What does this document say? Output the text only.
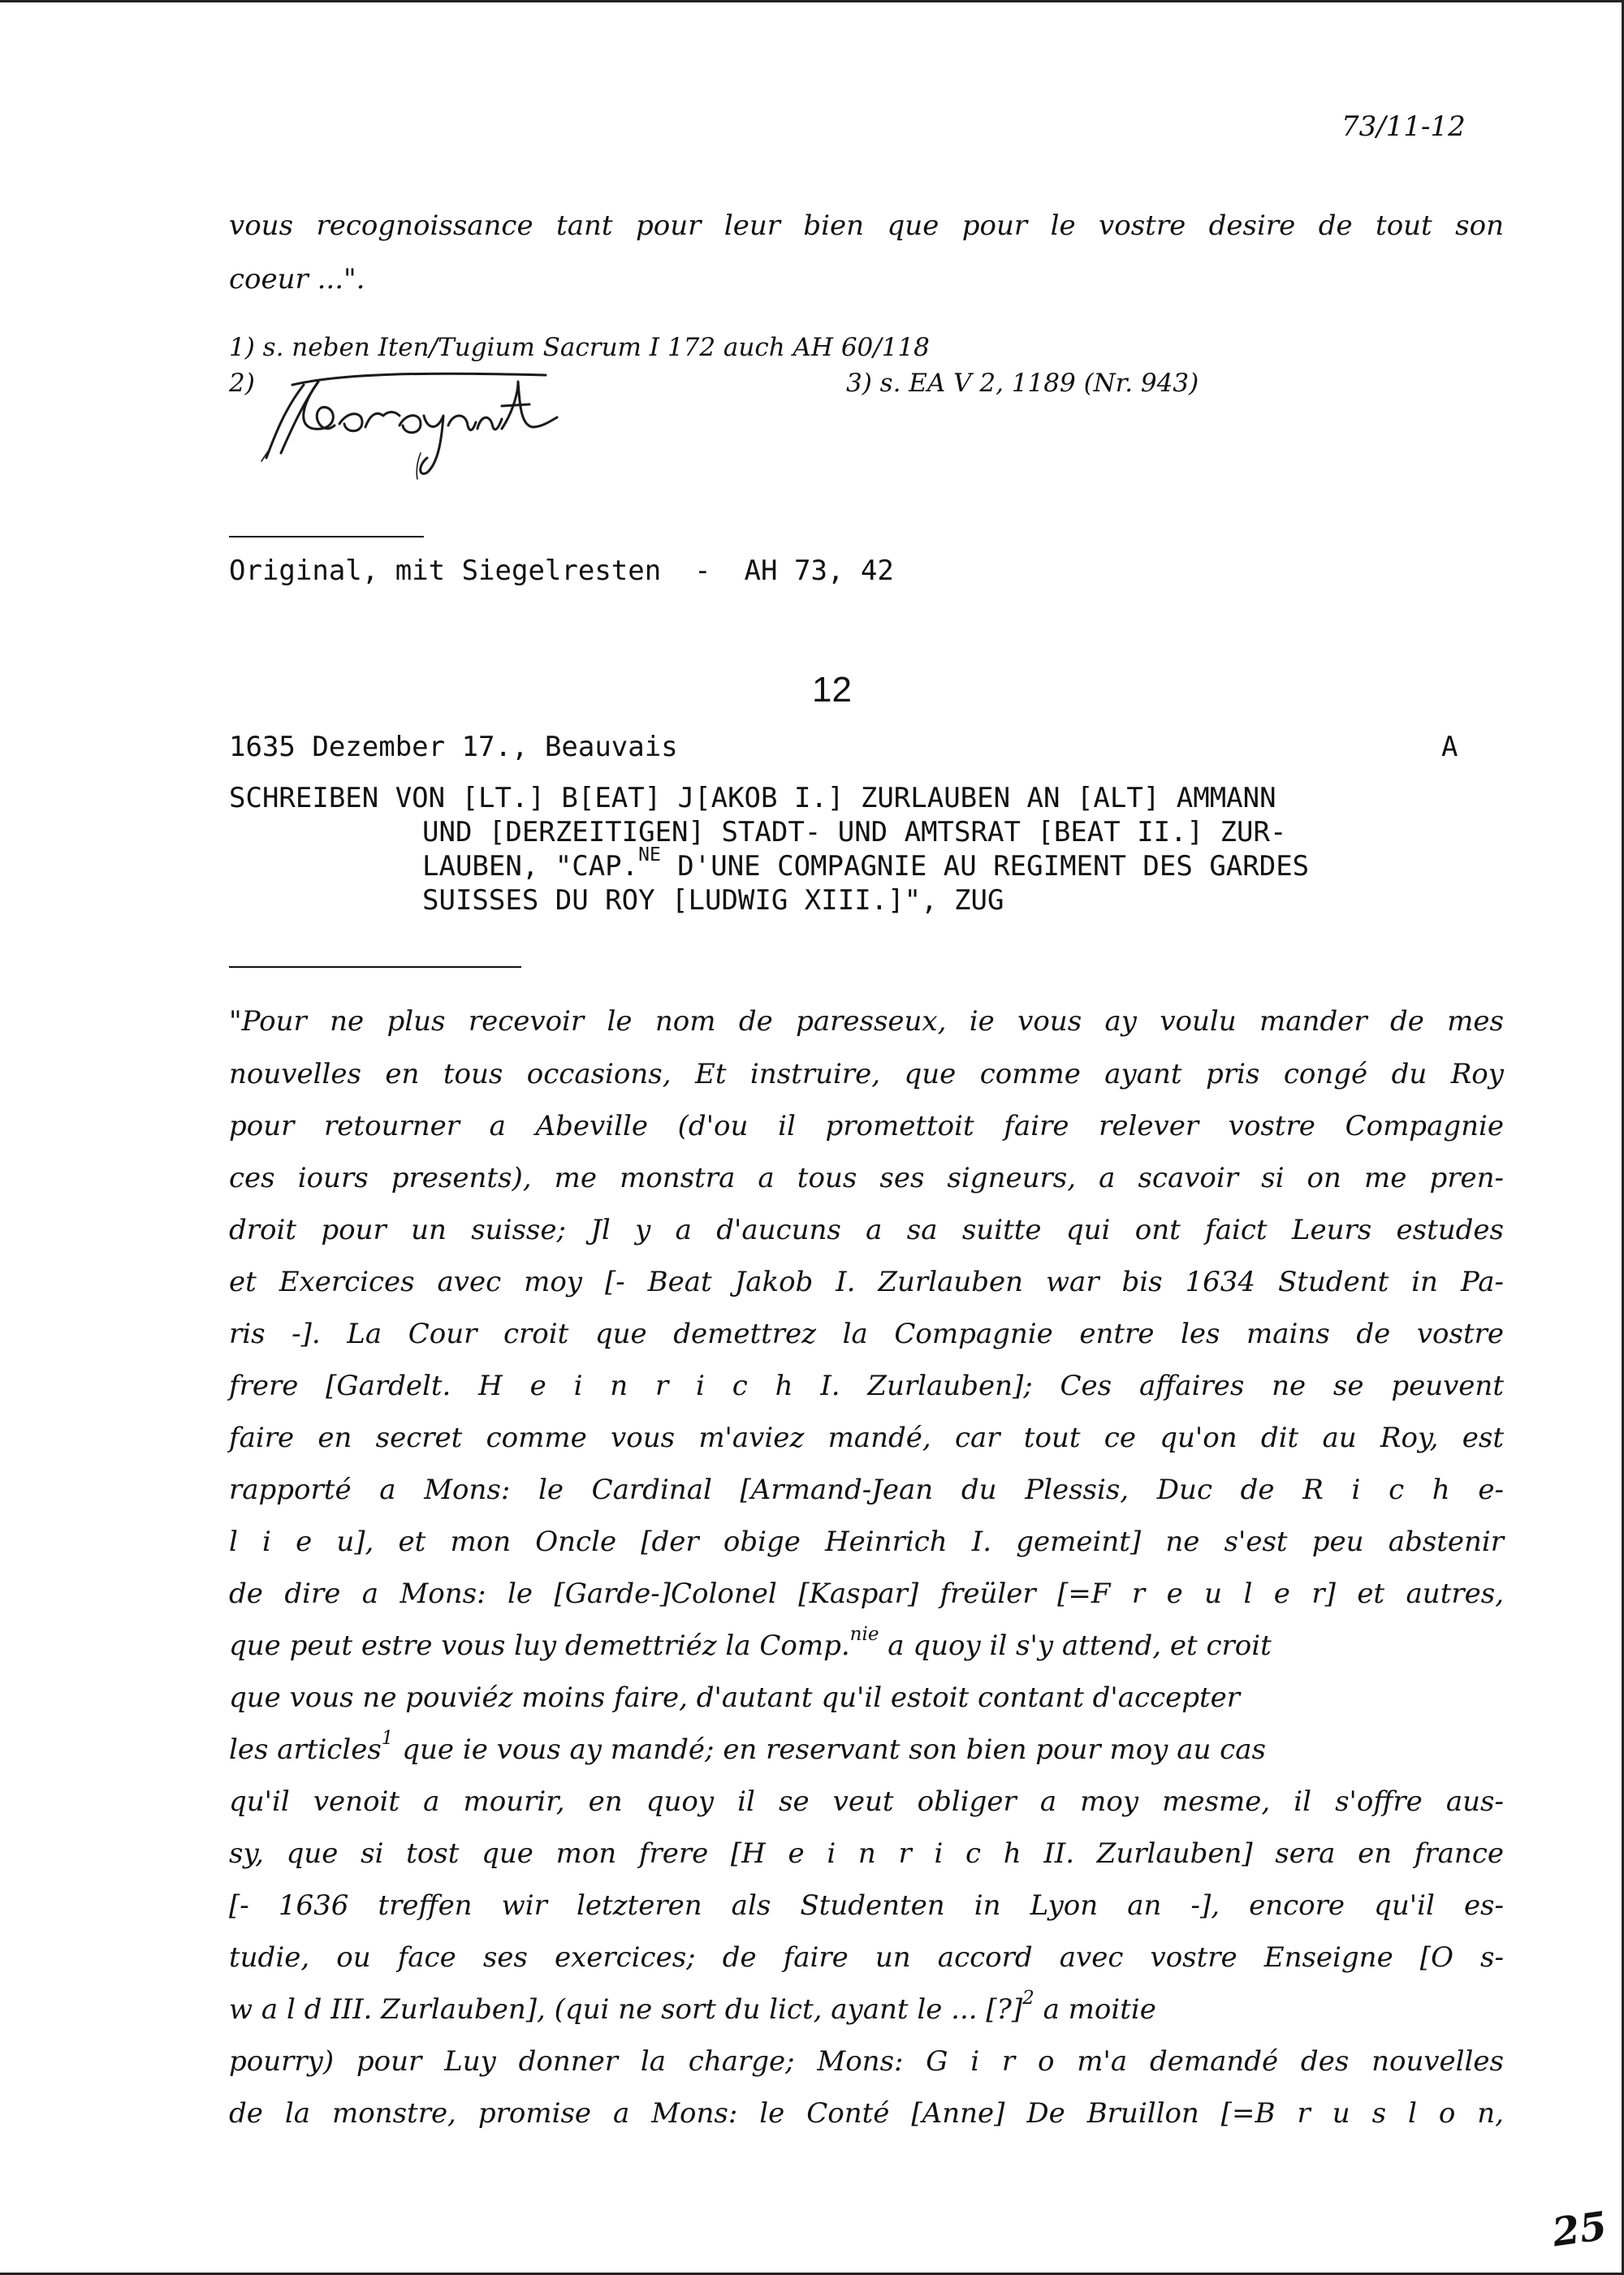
73/11-12
vous recognoissance tant pour leur bien que pour le vostre desire de tout son
coeur ...".
1) s. neben Iten/Tugium Sacrum I 172 auch AH 60/118
2)	3) s. EA V 2, 1189 (Nr. 943)
Original, mit Siegelresten  -  AH 73, 42
12
1635 Dezember 17., Beauvais	A
SCHREIBEN VON [LT.] B[EAT] J[AKOB I.] ZURLAUBEN AN [ALT] AMMANN
UND [DERZEITIGEN] STADT- UND AMTSRAT [BEAT II.] ZUR-
LAUBEN, "CAP.$^{NE}$ D'UNE COMPAGNIE AU REGIMENT DES GARDES
SUISSES DU ROY [LUDWIG XIII.]", ZUG
"Pour ne plus recevoir le nom de paresseux, ie vous ay voulu mander de mes
nouvelles en tous occasions, Et instruire, que comme ayant pris congé du Roy
pour retourner a Abeville (d'ou il promettoit faire relever vostre Compagnie
ces iours presents), me monstra a tous ses signeurs, a scavoir si on me pren-
droit pour un suisse; Jl y a d'aucuns a sa suitte qui ont faict Leurs estudes
et Exercices avec moy [- Beat Jakob I. Zurlauben war bis 1634 Student in Pa-
ris -]. La Cour croit que demettrez la Compagnie entre les mains de vostre
frere [Gardelt. H e i n r i c h I. Zurlauben]; Ces affaires ne se peuvent
faire en secret comme vous m'aviez mandé, car tout ce qu'on dit au Roy, est
rapporté a Mons: le Cardinal [Armand-Jean du Plessis, Duc de R i c h e-
l i e u], et mon Oncle [der obige Heinrich I. gemeint] ne s'est peu abstenir
de dire a Mons: le [Garde-]Colonel [Kaspar] freüler [=F r e u l e r] et autres,
que peut estre vous luy demettriéz la Comp.$^{nie}$ a quoy il s'y attend, et croit
que vous ne pouviéz moins faire, d'autant qu'il estoit contant d'accepter
les articles$^1$ que ie vous ay mandé; en reservant son bien pour moy au cas
qu'il venoit a mourir, en quoy il se veut obliger a moy mesme, il s'offre aus-
sy, que si tost que mon frere [H e i n r i c h II. Zurlauben] sera en france
[- 1636 treffen wir letzteren als Studenten in Lyon an -], encore qu'il es-
tudie, ou face ses exercices; de faire un accord avec vostre Enseigne [O s-
w a l d III. Zurlauben], (qui ne sort du lict, ayant le ... [?]$^2$ a moitie
pourry) pour Luy donner la charge; Mons: G i r o m'a demandé des nouvelles
de la monstre, promise a Mons: le Conté [Anne] De Bruillon [=B r u s l o n,
25
